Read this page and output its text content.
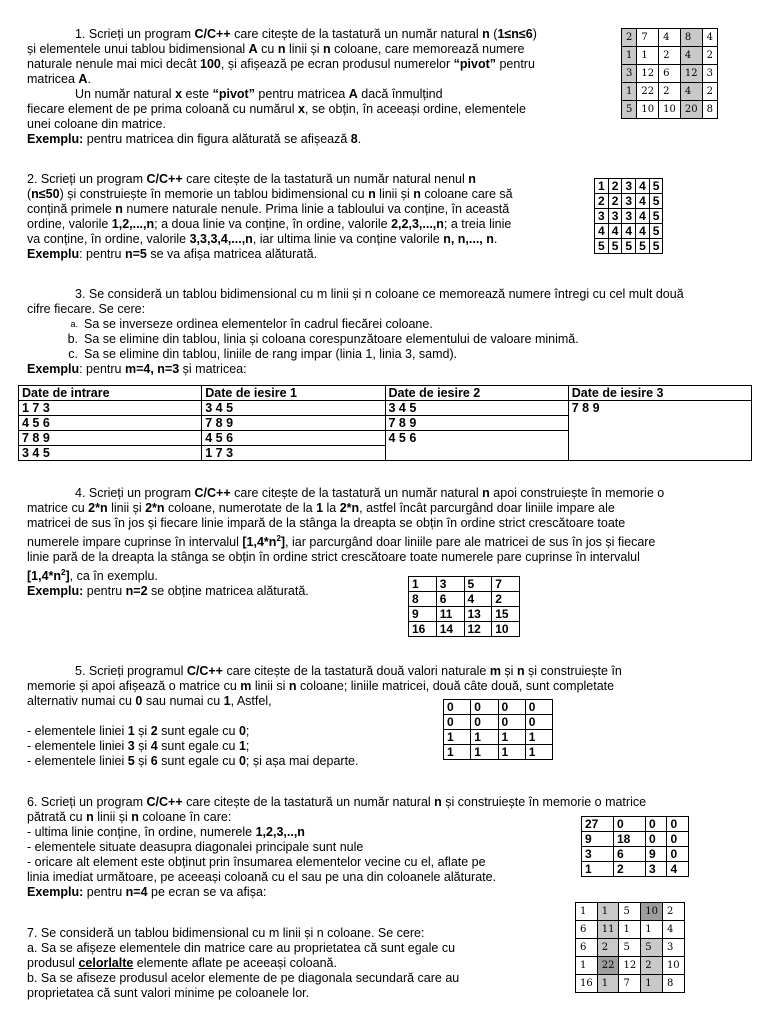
1. Scrieți un program C/C++ care citește de la tastatură un număr natural n (1≤n≤6)

și elementele unui tablou bidimensional A cu n linii și n coloane, care memorează numere

naturale nenule mai mici decât 100, și afișează pe ecran produsul numerelor “pivot” pentru

matricea A.

Un număr natural x este “pivot” pentru matricea A dacă înmulțind

fiecare element de pe prima coloană cu numărul x, se obțin, în aceeași ordine, elementele

unei coloane din matrice.

Exemplu: pentru matricea din figura alăturată se afișează 8.

2	7	4	8	4
1	1	2	4	2
3	12	6	12	3
1	22	2	4	2
5	10	10	20	8

2. Scrieți un program C/C++ care citește de la tastatură un număr natural nenul n

(n≤50) și construiește în memorie un tablou bidimensional cu n linii și n coloane care să

conțină primele n numere naturale nenule. Prima linie a tabloului va conține, în această

ordine, valorile 1,2,...,n; a doua linie va conține, în ordine, valorile 2,2,3,...,n; a treia linie

va conține, în ordine, valorile 3,3,3,4,...,n, iar ultima linie va conține valorile n, n,..., n.

Exemplu: pentru n=5 se va afișa matricea alăturată.

1	2	3	4	5
2	2	3	4	5
3	3	3	4	5
4	4	4	4	5
5	5	5	5	5

3. Se consideră un tablou bidimensional cu m linii și n coloane ce memorează numere întregi cu cel mult două

cifre fiecare. Se cere:

a. Sa se inverseze ordinea elementelor în cadrul fiecărei coloane.
b. Sa se elimine din tablou, linia și coloana corespunzătoare elementului de valoare minimă.
c. Sa se elimine din tablou, liniile de rang impar (linia 1, linia 3, samd).

Exemplu: pentru m=4, n=3 și matricea:

Date de intrare	Date de iesire 1	Date de iesire 2	Date de iesire 3
1 7 3	3 4 5	3 4 5	7 8 9
4 5 6	7 8 9	7 8 9	
7 8 9	4 5 6	4 5 6	
3 4 5	1 7 3		

4. Scrieți un program C/C++ care citește de la tastatură un număr natural n apoi construiește în memorie o

matrice cu 2*n linii și 2*n coloane, numerotate de la 1 la 2*n, astfel încât parcurgând doar liniile impare ale

matricei de sus în jos și fiecare linie impară de la stânga la dreapta se obțin în ordine strict crescătoare toate

numerele impare cuprinse în intervalul $[1,4*n^2]$, iar parcurgând doar liniile pare ale matricei de sus în jos și fiecare

linie pară de la dreapta la stânga se obțin în ordine strict crescătoare toate numerele pare cuprinse în intervalul

$[1,4*n^2]$, ca în exemplu.

Exemplu: pentru n=2 se obține matricea alăturată.

1	3	5	7
8	6	4	2
9	11	13	15
16	14	12	10

5. Scrieți programul C/C++ care citește de la tastatură două valori naturale m și n și construiește în

memorie și apoi afișează o matrice cu m linii si n coloane; liniile matricei, două câte două, sunt completate

alternativ numai cu 0 sau numai cu 1, Astfel,

- elementele liniei 1 și 2 sunt egale cu 0;

- elementele liniei 3 și 4 sunt egale cu 1;

- elementele liniei 5 și 6 sunt egale cu 0; și așa mai departe.

0	0	0	0
0	0	0	0
1	1	1	1
1	1	1	1

6. Scrieți un program C/C++ care citește de la tastatură un număr natural n și construiește în memorie o matrice

pătrată cu n linii și n coloane în care:

- ultima linie conține, în ordine, numerele 1,2,3,..,n

- elementele situate deasupra diagonalei principale sunt nule

- oricare alt element este obținut prin însumarea elementelor vecine cu el, aflate pe

linia imediat următoare, pe aceeași coloană cu el sau pe una din coloanele alăturate.

Exemplu: pentru n=4 pe ecran se va afișa:

27	0	0	0
9	18	0	0
3	6	9	0
1	2	3	4

7. Se consideră un tablou bidimensional cu m linii și n coloane. Se cere:

a. Sa se afișeze elementele din matrice care au proprietatea că sunt egale cu

produsul celorlalte elemente aflate pe aceeași coloană.

b. Sa se afiseze produsul acelor elemente de pe diagonala secundară care au

proprietatea că sunt valori minime pe coloanele lor.

1	1	5	10	2
6	11	1	1	4
6	2	5	5	3
1	22	12	2	10
16	1	7	1	8
